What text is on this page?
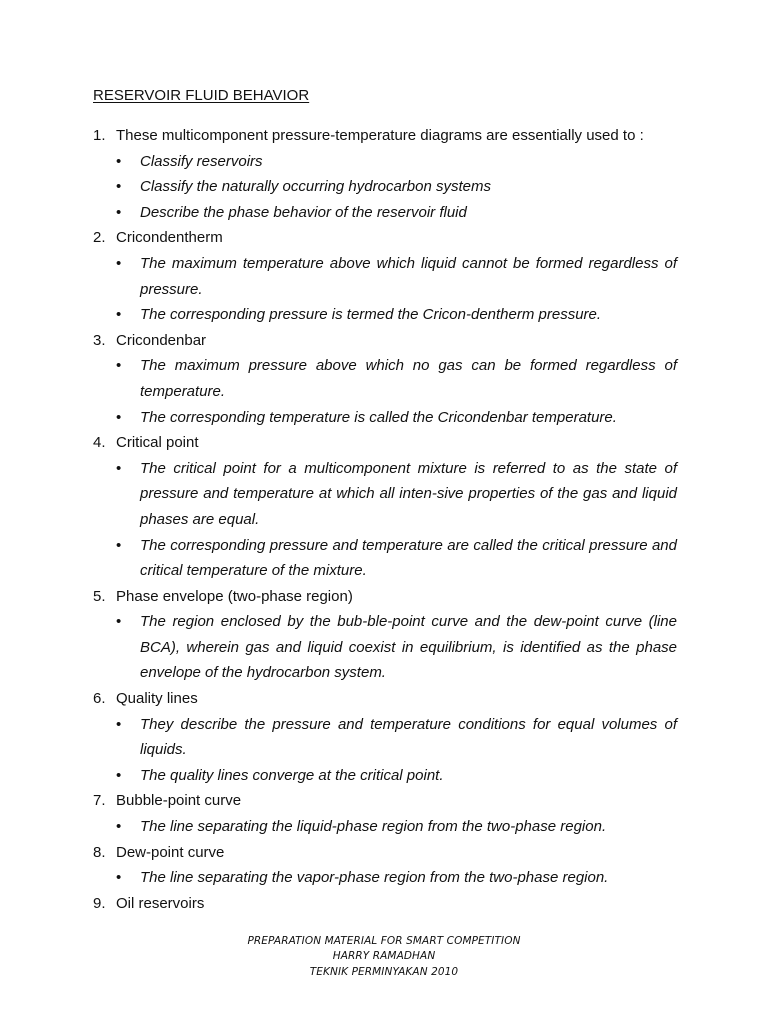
RESERVOIR FLUID BEHAVIOR
1. These multicomponent pressure-temperature diagrams are essentially used to :
•	Classify reservoirs
•	Classify the naturally occurring hydrocarbon systems
•	Describe the phase behavior of the reservoir fluid
2. Cricondentherm
•	The maximum temperature above which liquid cannot be formed regardless of pressure.
•	The corresponding pressure is termed the Cricon-dentherm pressure.
3. Cricondenbar
•	The maximum pressure above which no gas can be formed regardless of temperature.
•	The corresponding temperature is called the Cricondenbar temperature.
4. Critical point
•	The critical point for a multicomponent mixture is referred to as the state of pressure and temperature at which all inten-sive properties of the gas and liquid phases are equal.
•	The corresponding pressure and temperature are called the critical pressure and critical temperature of the mixture.
5. Phase envelope (two-phase region)
•	The region enclosed by the bub-ble-point curve and the dew-point curve (line BCA), wherein gas and liquid coexist in equilibrium, is identified as the phase envelope of the hydrocarbon system.
6. Quality lines
•	They describe the pressure and temperature conditions for equal volumes of liquids.
•	The quality lines converge at the critical point.
7. Bubble-point curve
•	The line separating the liquid-phase region from the two-phase region.
8. Dew-point curve
•	The line separating the vapor-phase region from the two-phase region.
9. Oil reservoirs
PREPARATION MATERIAL FOR SMART COMPETITION
HARRY RAMADHAN
TEKNIK PERMINYAKAN 2010
